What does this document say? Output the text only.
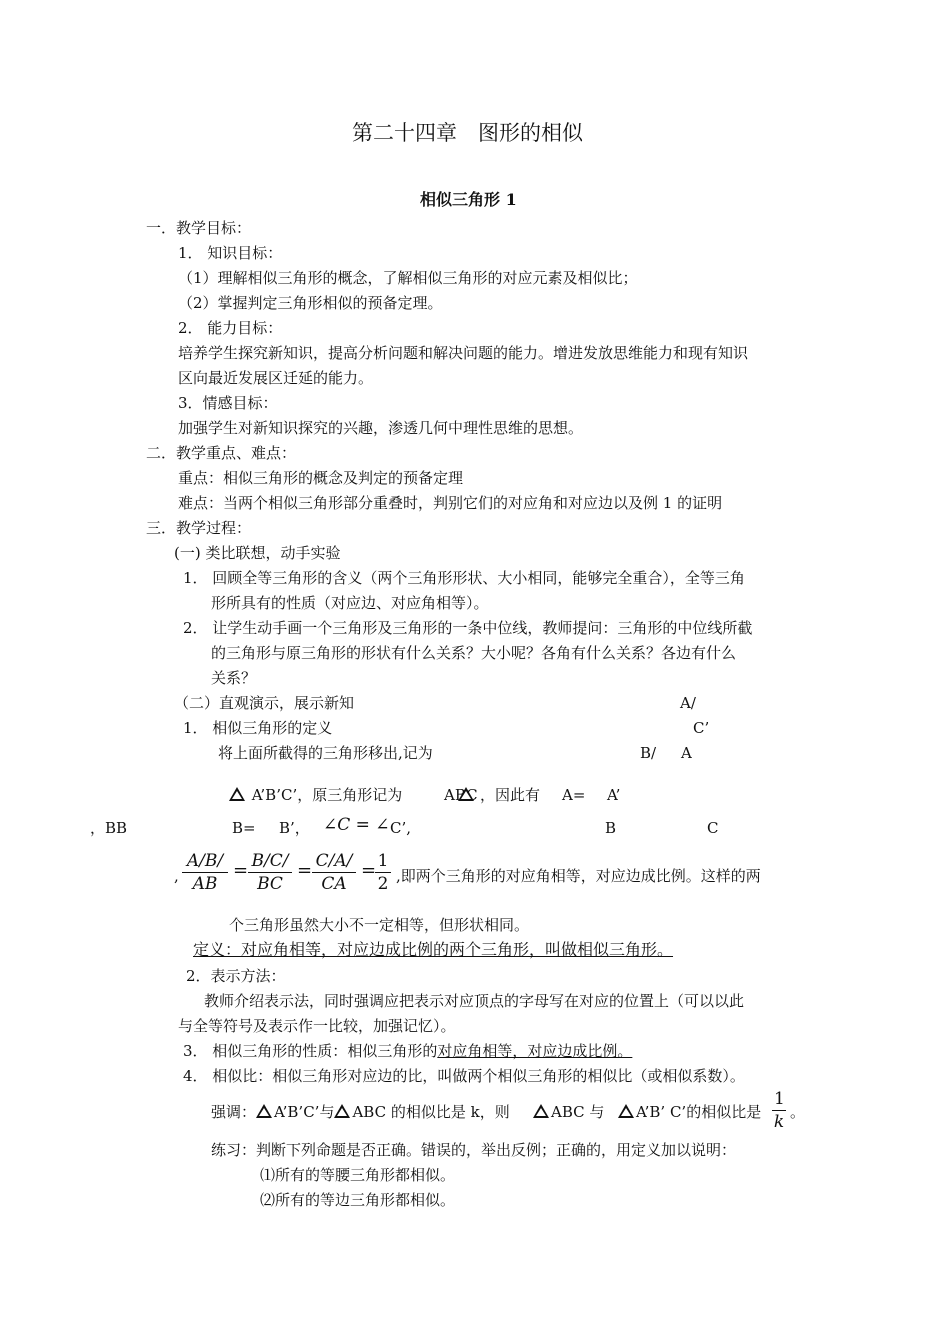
第二十四章　图形的相似
相似三角形 1
一．教学目标：
1． 知识目标：
（1）理解相似三角形的概念，了解相似三角形的对应元素及相似比；
（2）掌握判定三角形相似的预备定理。
2． 能力目标：
培养学生探究新知识，提高分析问题和解决问题的能力。增进发放思维能力和现有知识
区向最近发展区迁延的能力。
3．情感目标：
加强学生对新知识探究的兴趣，渗透几何中理性思维的思想。
二．教学重点、难点：
重点：相似三角形的概念及判定的预备定理
难点：当两个相似三角形部分重叠时，判别它们的对应角和对应边以及例 1 的证明
三．教学过程：
(一) 类比联想，动手实验
1． 回顾全等三角形的含义（两个三角形形状、大小相同，能够完全重合），全等三角
形所具有的性质（对应边、对应角相等）。
2． 让学生动手画一个三角形及三角形的一条中位线，教师提问：三角形的中位线所截
的三角形与原三角形的形状有什么关系？大小呢？各角有什么关系？各边有什么
关系？
（二）直观演示，展示新知	A/
1． 相似三角形的定义	C’
将上面所截得的三角形移出,记为	B/ A
A’B’C’，原三角形记为	ABC ，因此有 A= A’
，BB	B= B’， ∠C = ∠ C’,	B	C
, $\frac{A/B/}{AB} = \frac{B/C/}{BC} = \frac{C/A/}{CA}$ =
$\frac{1}{2}$ ,即两个三角形的对应角相等，对应边成比例。这样的两
个三角形虽然大小不一定相等，但形状相同。
定义：对应角相等，对应边成比例的两个三角形，叫做相似三角形。
2．表示方法：
教师介绍表示法，同时强调应把表示对应顶点的字母写在对应的位置上（可以以此
与全等符号及表示作一比较，加强记忆）。
3． 相似三角形的性质：相似三角形的对应角相等，对应边成比例。
4． 相似比：相似三角形对应边的比，叫做两个相似三角形的相似比（或相似系数）。
强调： A’B’C’与 ABC 的相似比是 k，则	ABC 与	A’B’ C’的相似比是 $\frac{1}{k}$ 。
练习：判断下列命题是否正确。错误的，举出反例；正确的，用定义加以说明：
⑴所有的等腰三角形都相似。
⑵所有的等边三角形都相似。
